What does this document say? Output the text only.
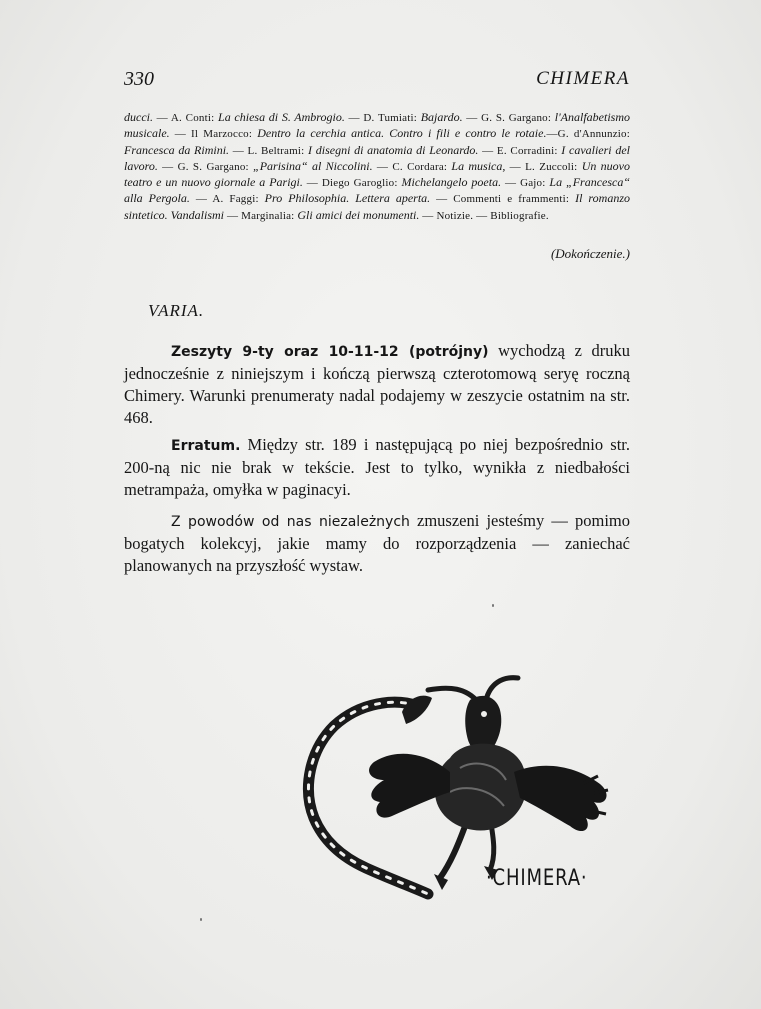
330	CHIMERA
ducci. — A. Conti: La chiesa di S. Ambrogio. — D. Tumiati: Bajardo. — G. S. Gargano: l'Analfabetismo musicale. — Il Marzocco: Dentro la cerchia antica. Contro i fili e contro le rotaie.—G. d'Annunzio: Francesca da Rimini. — L. Beltrami: I disegni di anatomia di Leonardo. — E. Corradini: I cavalieri del lavoro. — G. S. Gargano: „Parisina“ al Niccolini. — C. Cordara: La musica, — L. Zuccoli: Un nuovo teatro e un nuovo giornale a Parigi. — Diego Garoglio: Michelangelo poeta. — Gajo: La „Francesca“ alla Pergola. — A. Faggi: Pro Philosophia. Lettera aperta. — Commenti e frammenti: Il romanzo sintetico. Vandalismi — Marginalia: Gli amici dei monumenti. — Notizie. — Bibliografie.
(Dokończenie.)
VARIA.

Zeszyty 9-ty oraz 10-11-12 (potrójny) wychodzą z druku jednocześnie z niniejszym i kończą pierwszą czterotomową seryę roczną Chimery. Warunki prenumeraty nadal podajemy w zeszycie ostatnim na str. 468.

Erratum. Między str. 189 i następującą po niej bezpośrednio str. 200-ną nic nie brak w tekście. Jest to tylko, wynikła z niedbałości metrampaża, omyłka w paginacyi.

Z powodów od nas niezależnych zmuszeni jesteśmy — pomimo bogatych kolekcyj, jakie mamy do rozporządzenia — zaniechać planowanych na przyszłość wystaw.

·CHIMERA·
